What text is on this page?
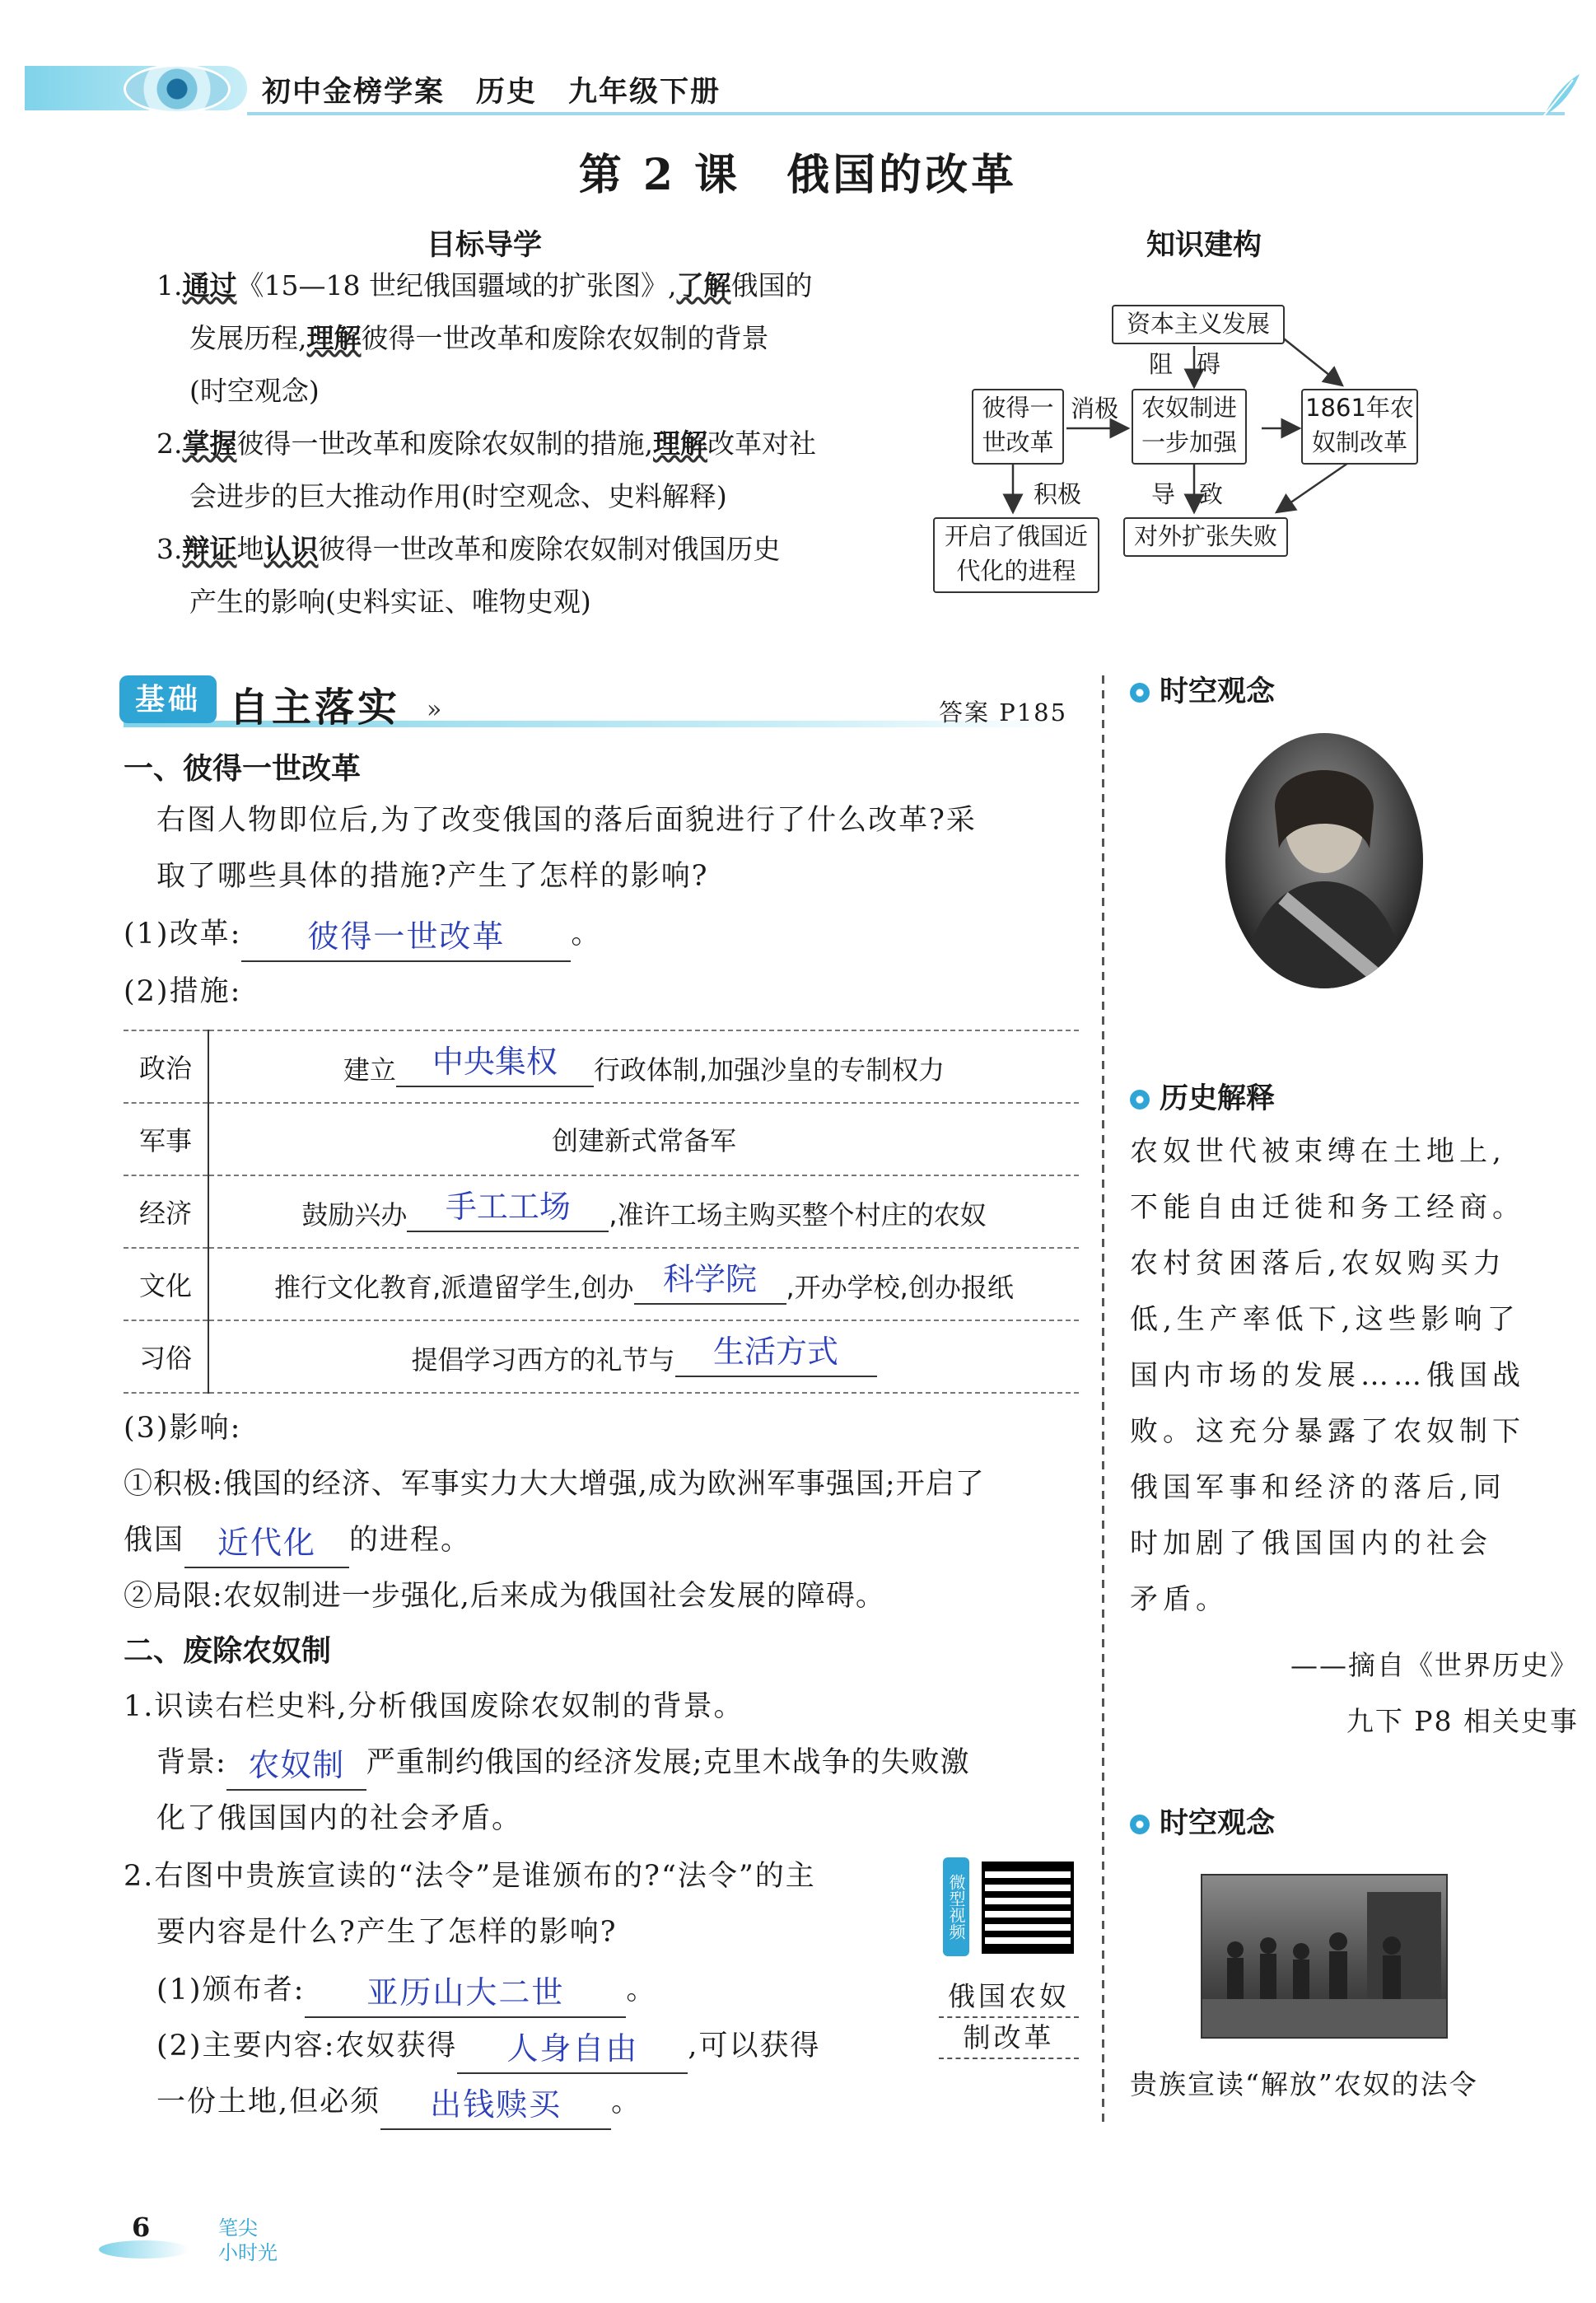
初中金榜学案 历史 九年级下册
第 2 课　俄国的改革
目标导学
1.通过《15—18 世纪俄国疆域的扩张图》,了解俄国的
发展历程,理解彼得一世改革和废除农奴制的背景
(时空观念)
2.掌握彼得一世改革和废除农奴制的措施,理解改革对社
会进步的巨大推动作用(时空观念、史料解释)
3.辩证地认识彼得一世改革和废除农奴制对俄国历史
产生的影响(史料实证、唯物史观)
知识建构
资本主义发展
阻　碍
彼得一
世改革
消极 农奴制进
一步加强
1861年农
奴制改革
积极	导　致
开启了俄国近
代化的进程
对外扩张失败
基础 自主落实 »	答案 P185
一、彼得一世改革
右图人物即位后,为了改变俄国的落后面貌进行了什么改革?采
取了哪些具体的措施?产生了怎样的影响?
(1)改革: 彼得一世改革 。
(2)措施:
政治	建立 中央集权 行政体制,加强沙皇的专制权力
军事	创建新式常备军
经济	鼓励兴办 手工工场 ,准许工场主购买整个村庄的农奴
文化	推行文化教育,派遣留学生,创办 科学院 ,开办学校,创办报纸
习俗	提倡学习西方的礼节与 生活方式
(3)影响:
①积极:俄国的经济、军事实力大大增强,成为欧洲军事强国;开启了
俄国 近代化 的进程。
②局限:农奴制进一步强化,后来成为俄国社会发展的障碍。
二、废除农奴制
1.识读右栏史料,分析俄国废除农奴制的背景。
背景: 农奴制 严重制约俄国的经济发展;克里木战争的失败激
化了俄国国内的社会矛盾。
2.右图中贵族宣读的“法令”是谁颁布的?“法令”的主
要内容是什么?产生了怎样的影响?
(1)颁布者: 亚历山大二世 。
(2)主要内容:农奴获得 人身自由 ,可以获得
一份土地,但必须 出钱赎买 。
微型视频
俄国农奴
制改革
时空观念
历史解释
农奴世代被束缚在土地上,
不能自由迁徙和务工经商。
农村贫困落后,农奴购买力
低,生产率低下,这些影响了
国内市场的发展……俄国战
败。这充分暴露了农奴制下
俄国军事和经济的落后,同
时加剧了俄国国内的社会
矛盾。
——摘自《世界历史》
九下 P8 相关史事
时空观念
贵族宣读“解放”农奴的法令
6	笔尖
小时光
